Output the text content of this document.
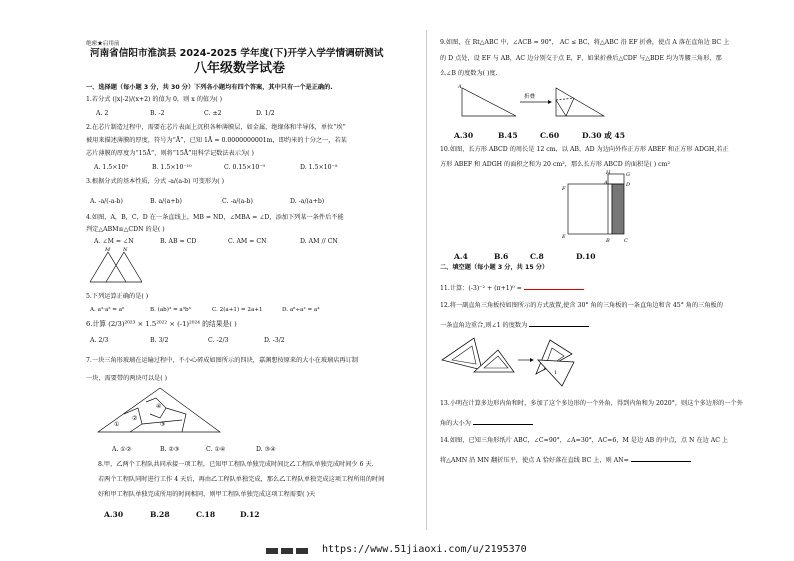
绝密★启用前
河南省信阳市淮滨县 2024-2025 学年度(下)开学入学学情调研测试
八年级数学试卷
一、选择题（每小题 3 分，共 30 分）下列各小题均有四个答案，其中只有一个是正确的.
1.若分式 (|x|-2)/(x+2) 的值为 0，则 x 的值为( )
A. 2	B. -2	C. ±2	D. 1/2
2.在芯片制造过程中，需要在芯片表面上沉积各种薄膜层，如金属、绝缘体和半导体，单位“埃”
被用来描述薄膜的厚度，符号为“Å”，已知 1Å = 0.0000000001m，即约米的十分之一，若某
芯片薄膜的厚度为“15Å”，则将“15Å”用科学记数法表示为( )
A. 1.5×10⁹	B. 1.5×10⁻¹⁰	C. 0.15×10⁻⁹	D. 1.5×10⁻⁹
3.根据分式的基本性质，分式 -a/(a-b) 可变形为( )
A. -a/(-a-b)	B. a/(a+b)	C. -a/(a-b)	D. -a/(a+b)
4.如图，A，B，C，D 在一条直线上，MB = ND，∠MBA = ∠D，添加下列某一条件后不能
判定△ABM≌△CDN 的是( )
A. ∠M = ∠N	B. AB = CD	C. AM = CN	D. AM // CN
M	N
5.下列运算正确的是( )
A. a³·a² = a⁶	B. (ab)³ = a³b³	C. 2(a+1) = 2a+1	D. a⁸÷a² = a⁴
6.计算 (2/3)²⁰²³ × 1.5²⁰²² × (-1)²⁰²⁴ 的结果是( )
A. 2/3	B. 3/2	C. -2/3	D. -3/2
7.一块三角形玻璃在运输过程中，不小心碎成如图所示的四块，嘉渊想按原来的大小在玻璃店再订制
一块，需要带的两块可以是( )
④
①
②
③
A. ①②	B. ②③	C. ①④	D. ③④
8.甲，乙两个工程队共同承接一项工程，已知甲工程队单独完成时间比乙工程队单独完成时间少 6 天.
若两个工程队同时进行工作 4 天后，再由乙工程队单独完成，那么乙工程队单独完成这项工程所用的时间
好和甲工程队单独完成所用的时间相同，则甲工程队单独完成这项工程需要( )天
A.30	B.28	C.18	D.12
9.如图，在 Rt△ABC 中，∠ACB = 90°， AC ≤ BC，将△ABC 沿 EF 折叠，使点 A 落在直角边 BC 上
的 D 点处，设 EF 与 AB，AC 边分别交于点 E，F，如果折叠后△CDF 与△BDE 均为等腰三角形，那
么∠B 的度数为( )度.
A
折叠
A.30	B.45	C.60	D.30 或 45
10.如图，长方形 ABCD 的周长是 12 cm，以 AB，AD 为边向外作正方形 ABEF 和正方形 ADGH,若正
方形 ABEF 和 ADGH 的面积之和为 20 cm²，那么长方形 ABCD 的面积是( ) cm²
H
A
G
D
F
E
B	C
A.4	B.6	C.8	D.10
二、填空题（每小题 3 分，共 15 分）
11.计算：(-3)⁻² + (π+1)⁰ =
12.将一副直角三角板按如图所示的方式放置,使含 30° 角的三角板的一条直角边和含 45° 角的三角板的
一条直角边重合,则∠1 的度数为
1
13.小明在计算多边形内角和时，多加了这个多边形的一个外角，得到内角和为 2020°，则这个多边形的一个外
角的大小为
14.如图，已知三角形纸片 ABC，∠C=90°，∠A=30°，AC=6，M 是边 AB 的中点，点 N 在边 AC 上
将△AMN 沿 MN 翻折压平，使点 A 恰好落在直线 BC 上，则 AN=
https://www.51jiaoxi.com/u/2195370
